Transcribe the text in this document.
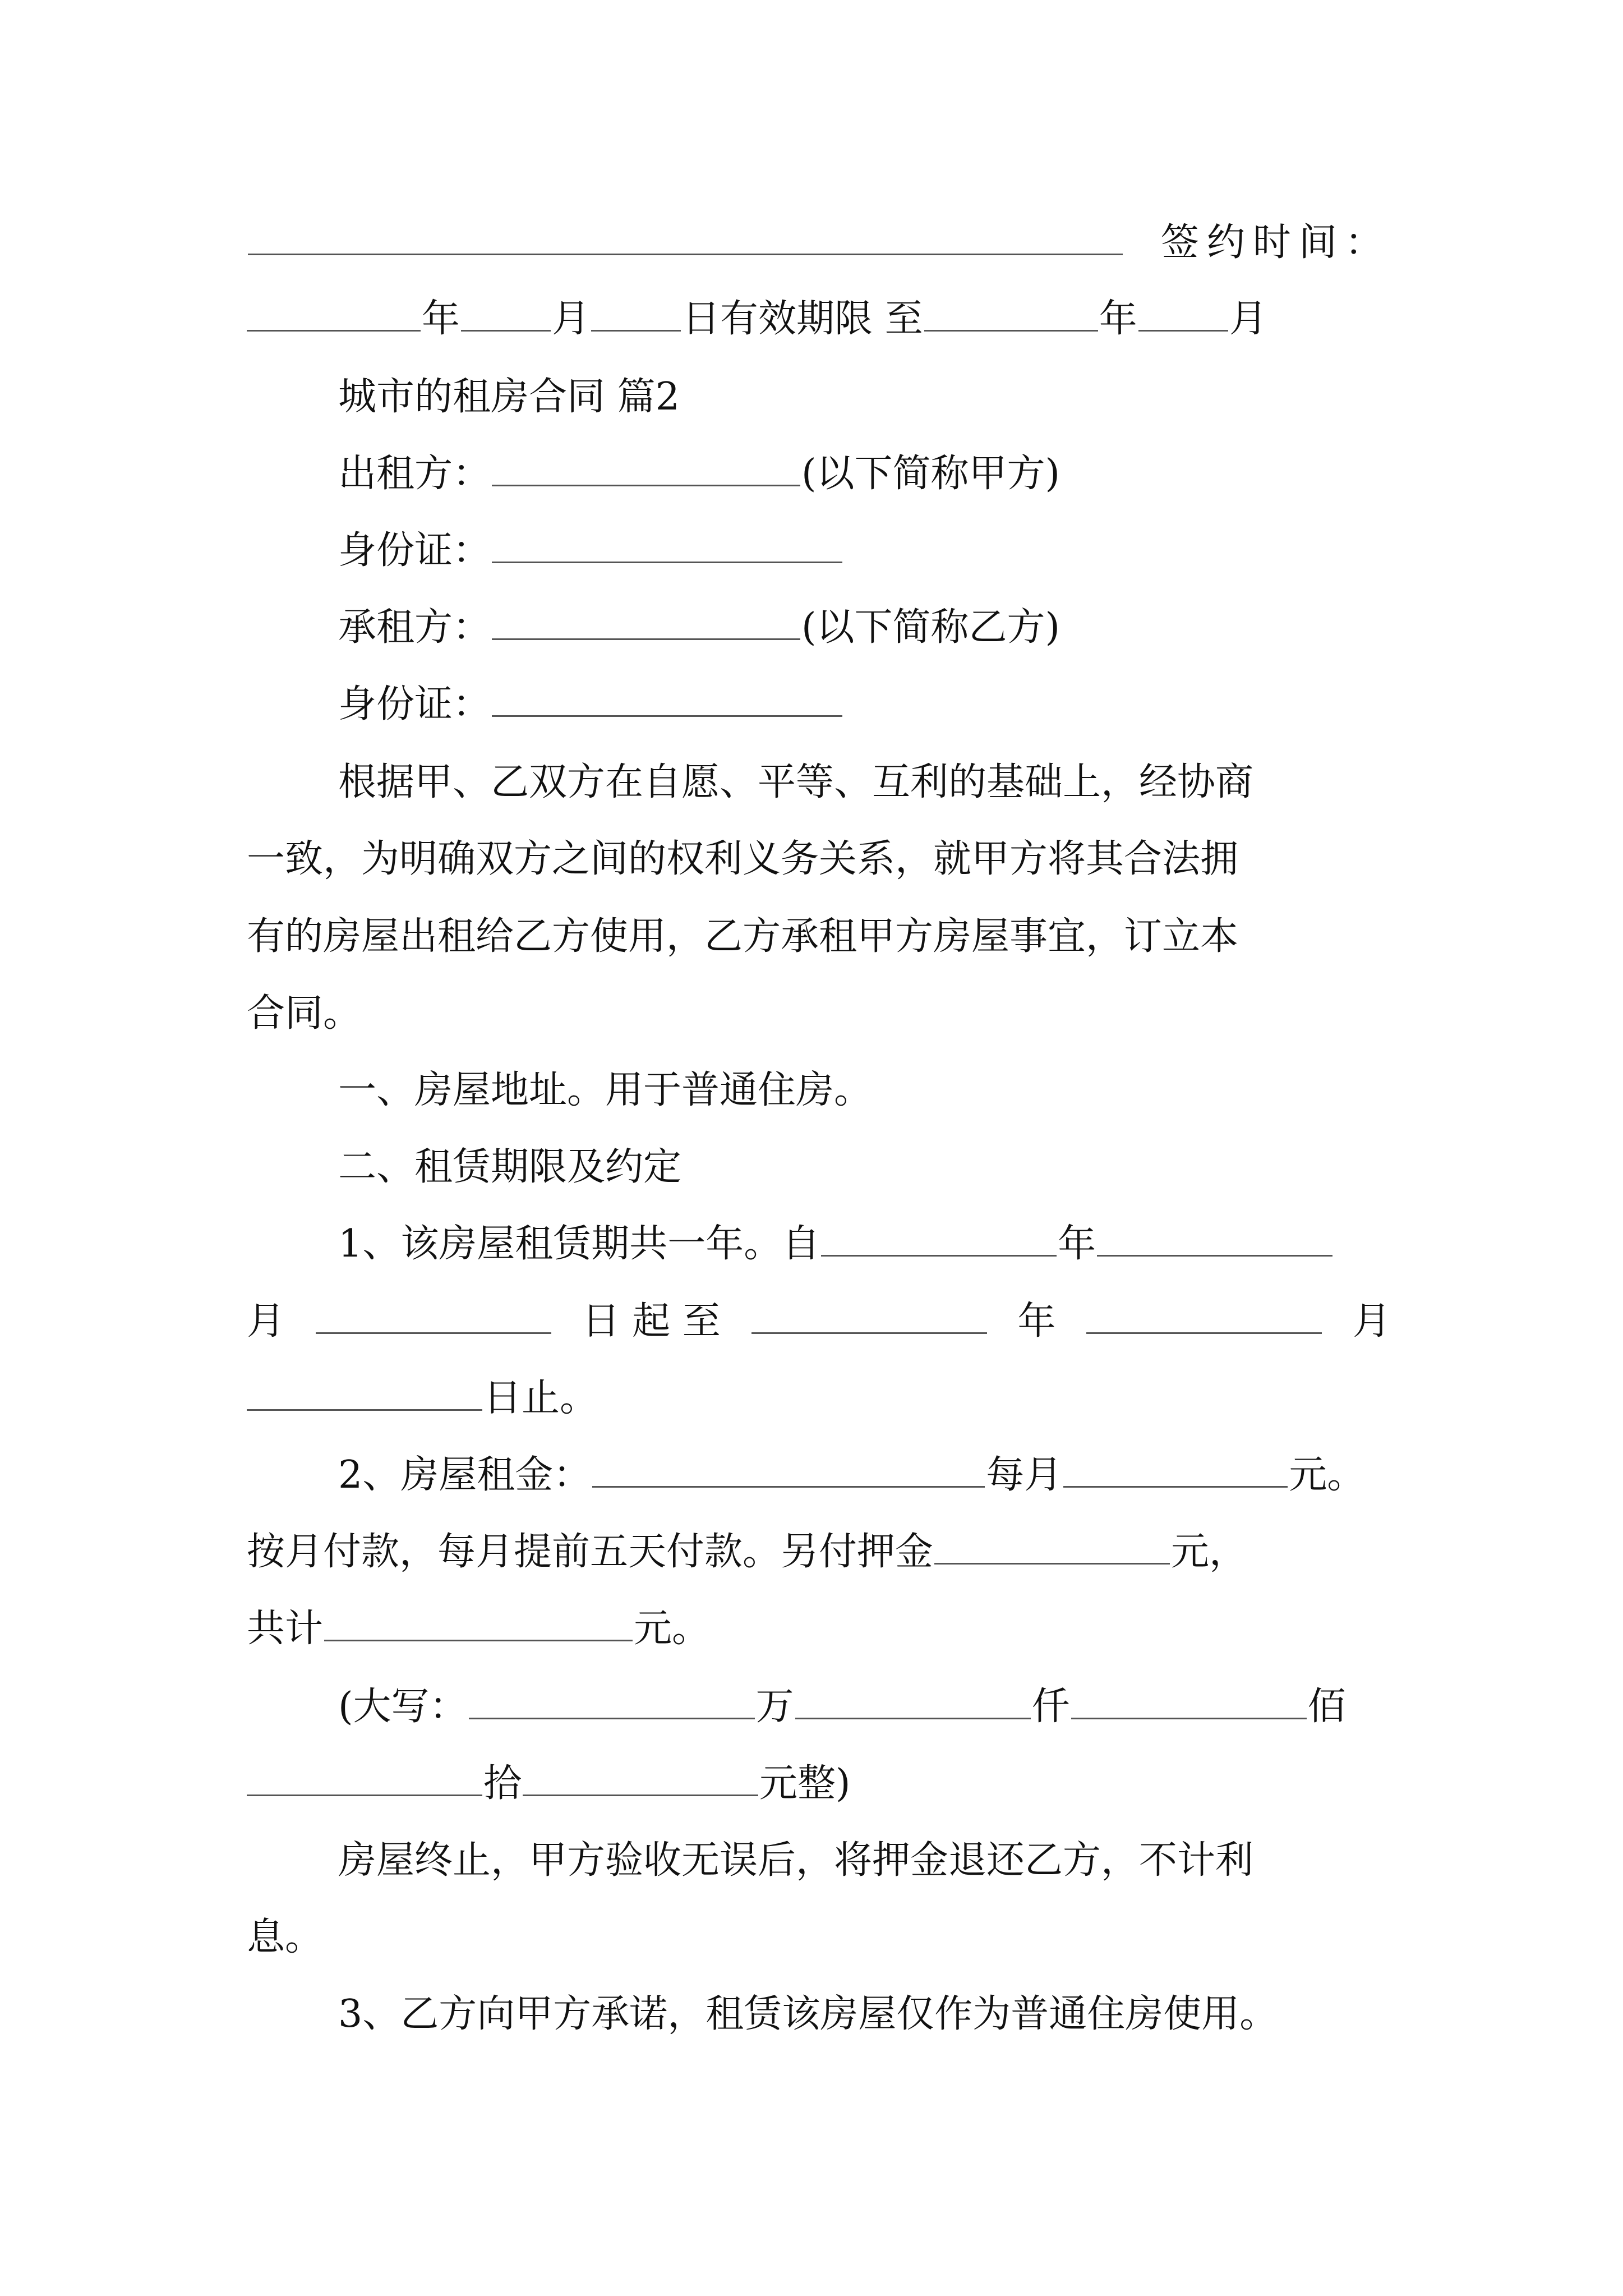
签约时间：
年 月 日有效期限 至	年 月
城市的租房合同 篇2
出租方：	(以下简称甲方)
身份证：
承租方：	(以下简称乙方)
身份证：
根据甲、乙双方在自愿、平等、互利的基础上，经协商
一致，为明确双方之间的权利义务关系，就甲方将其合法拥
有的房屋出租给乙方使用，乙方承租甲方房屋事宜，订立本
合同。
一、房屋地址。用于普通住房。
二、租赁期限及约定
1、该房屋租赁期共一年。自	年
月	日 起 至	年	月
日止。
2、房屋租金：	每月	元。
按月付款，每月提前五天付款。另付押金	元，
共计	元。
(大写：	万	仟	佰
拾	元整)
房屋终止，甲方验收无误后，将押金退还乙方，不计利
息。
3、乙方向甲方承诺，租赁该房屋仅作为普通住房使用。
